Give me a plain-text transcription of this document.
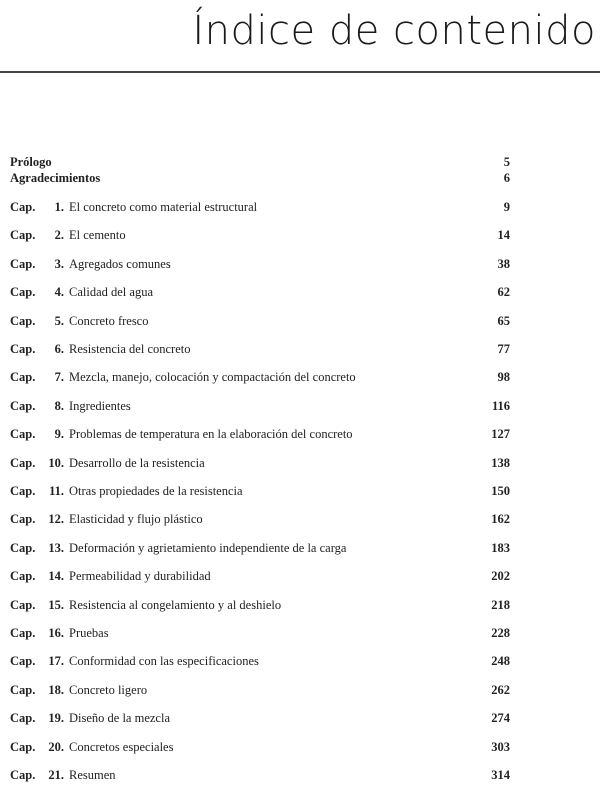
Índice de contenido
Prólogo	5
Agradecimientos	6
Cap.	1. El concreto como material estructural	9
Cap.	2. El cemento	14
Cap.	3. Agregados comunes	38
Cap.	4. Calidad del agua	62
Cap.	5. Concreto fresco	65
Cap.	6. Resistencia del concreto	77
Cap.	7. Mezcla, manejo, colocación y compactación del concreto	98
Cap.	8. Ingredientes	116
Cap.	9. Problemas de temperatura en la elaboración del concreto	127
Cap.	10. Desarrollo de la resistencia	138
Cap.	11. Otras propiedades de la resistencia	150
Cap.	12. Elasticidad y flujo plástico	162
Cap.	13. Deformación y agrietamiento independiente de la carga	183
Cap.	14. Permeabilidad y durabilidad	202
Cap.	15. Resistencia al congelamiento y al deshielo	218
Cap.	16. Pruebas	228
Cap.	17. Conformidad con las especificaciones	248
Cap.	18. Concreto ligero	262
Cap.	19. Diseño de la mezcla	274
Cap.	20. Concretos especiales	303
Cap.	21. Resumen	314
